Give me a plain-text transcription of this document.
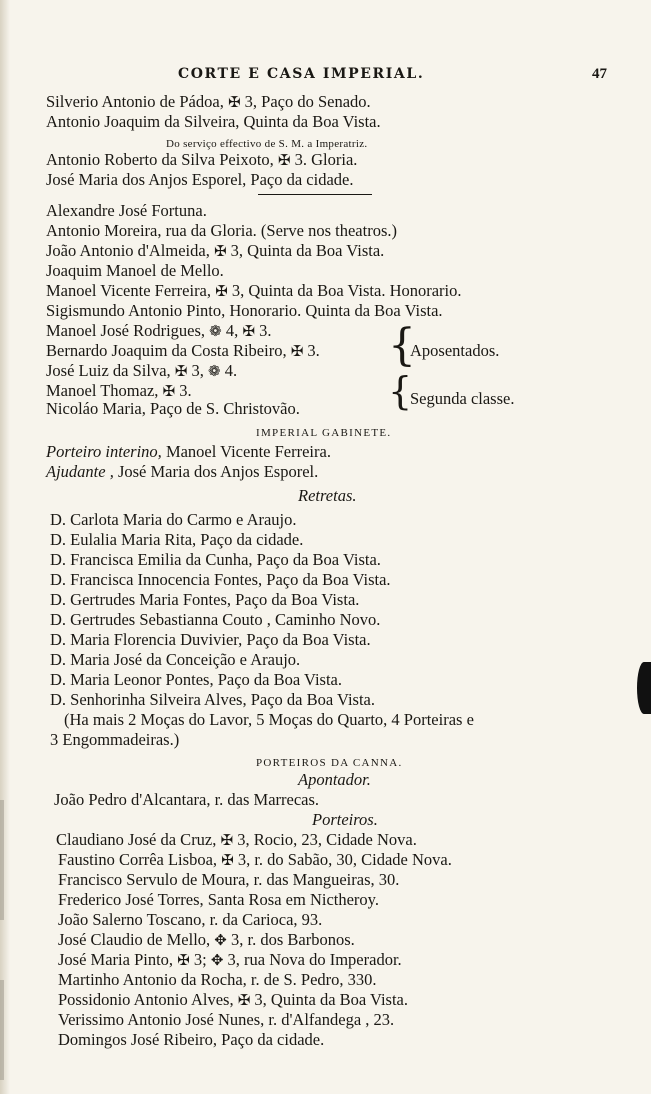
CORTE E CASA IMPERIAL.	47
Silverio Antonio de Pádoa, ✠ 3, Paço do Senado.
Antonio Joaquim da Silveira, Quinta da Boa Vista.
Do serviço effectivo de S. M. a Imperatriz.
Antonio Roberto da Silva Peixoto, ✠ 3. Gloria.
José Maria dos Anjos Esporel, Paço da cidade.
Alexandre José Fortuna.
Antonio Moreira, rua da Gloria. (Serve nos theatros.)
João Antonio d'Almeida, ✠ 3, Quinta da Boa Vista.
Joaquim Manoel de Mello.
Manoel Vicente Ferreira, ✠ 3, Quinta da Boa Vista. Honorario.
Sigismundo Antonio Pinto, Honorario. Quinta da Boa Vista.
Manoel José Rodrigues, ❁ 4, ✠ 3.
Bernardo Joaquim da Costa Ribeiro, ✠ 3.
José Luiz da Silva, ✠ 3, ❁ 4.
Manoel Thomaz, ✠ 3.
Nicoláo Maria, Paço de S. Christovão.
{
Aposentados.
{
Segunda classe.
IMPERIAL GABINETE.
Porteiro interino, Manoel Vicente Ferreira.
Ajudante , José Maria dos Anjos Esporel.
Retretas.
D. Carlota Maria do Carmo e Araujo.
D. Eulalia Maria Rita, Paço da cidade.
D. Francisca Emilia da Cunha, Paço da Boa Vista.
D. Francisca Innocencia Fontes, Paço da Boa Vista.
D. Gertrudes Maria Fontes, Paço da Boa Vista.
D. Gertrudes Sebastianna Couto , Caminho Novo.
D. Maria Florencia Duvivier, Paço da Boa Vista.
D. Maria José da Conceição e Araujo.
D. Maria Leonor Pontes, Paço da Boa Vista.
D. Senhorinha Silveira Alves, Paço da Boa Vista.
(Ha mais 2 Moças do Lavor, 5 Moças do Quarto, 4 Porteiras e
3 Engommadeiras.)
PORTEIROS DA CANNA.
Apontador.
João Pedro d'Alcantara, r. das Marrecas.
Porteiros.
Claudiano José da Cruz, ✠ 3, Rocio, 23, Cidade Nova.
Faustino Corrêa Lisboa, ✠ 3, r. do Sabão, 30, Cidade Nova.
Francisco Servulo de Moura, r. das Mangueiras, 30.
Frederico José Torres, Santa Rosa em Nictheroy.
João Salerno Toscano, r. da Carioca, 93.
José Claudio de Mello, ✥ 3, r. dos Barbonos.
José Maria Pinto, ✠ 3; ✥ 3, rua Nova do Imperador.
Martinho Antonio da Rocha, r. de S. Pedro, 330.
Possidonio Antonio Alves, ✠ 3, Quinta da Boa Vista.
Verissimo Antonio José Nunes, r. d'Alfandega , 23.
Domingos José Ribeiro, Paço da cidade.
